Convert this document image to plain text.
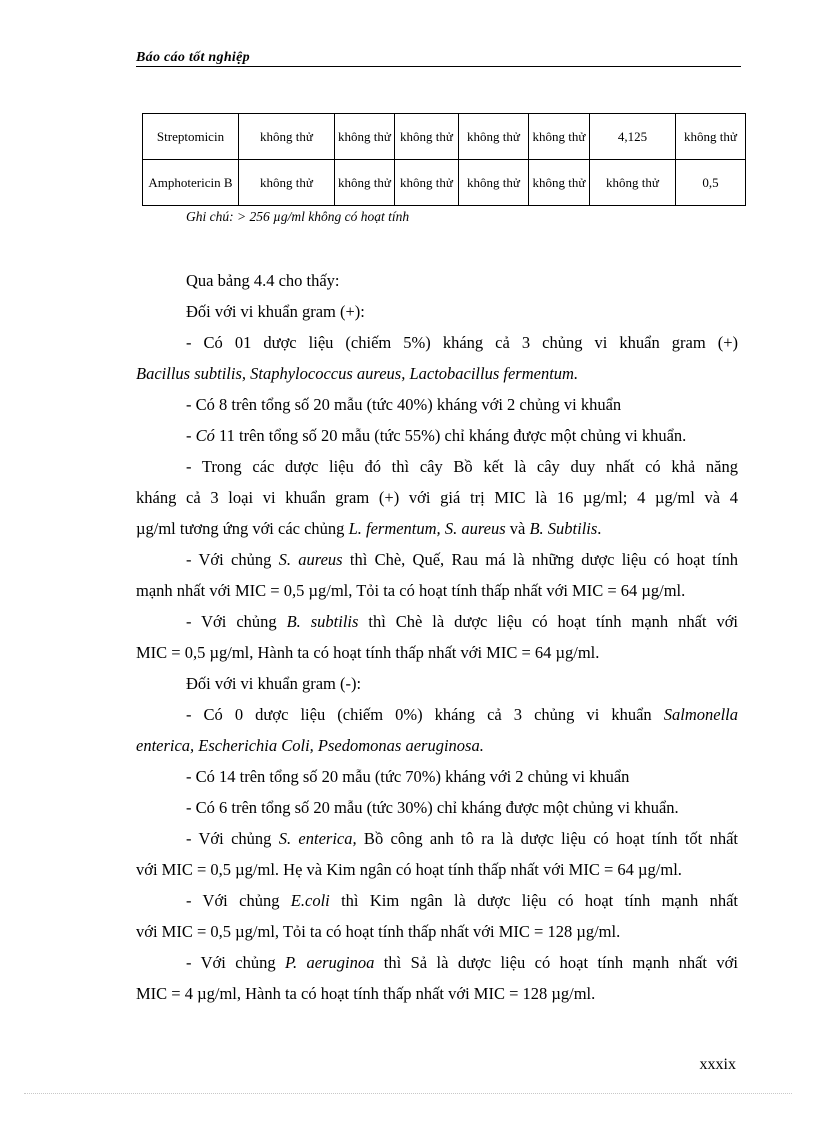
Báo cáo tốt nghiệp
Streptomicin	không thử	không thử	không thử	không thử	không thử	4,125	không thử
Amphotericin B	không thử	không thử	không thử	không thử	không thử	không thử	0,5
Ghi chú: > 256 µg/ml không có hoạt tính

Qua bảng 4.4 cho thấy:

Đối với vi khuẩn gram (+):

- Có 01 dược liệu (chiếm 5%) kháng cả 3 chủng vi khuẩn gram (+)

Bacillus subtilis, Staphylococcus aureus, Lactobacillus fermentum.

- Có 8 trên tổng số 20 mẫu (tức 40%) kháng với 2 chủng vi khuẩn

- Có 11 trên tổng số 20 mẫu (tức 55%) chỉ kháng được một chủng vi khuẩn.

- Trong các dược liệu đó thì cây Bồ kết là cây duy nhất có khả năng

kháng cả 3 loại vi khuẩn gram (+) với giá trị MIC là 16 µg/ml; 4 µg/ml và 4

µg/ml tương ứng với các chủng L. fermentum, S. aureus và B. Subtilis.

- Với chủng S. aureus thì Chè, Quế, Rau má là những dược liệu có hoạt tính

mạnh nhất với MIC = 0,5 µg/ml, Tỏi ta có hoạt tính thấp nhất với MIC = 64 µg/ml.

- Với chủng B. subtilis thì Chè là dược liệu có hoạt tính mạnh nhất với

MIC = 0,5 µg/ml, Hành ta có hoạt tính thấp nhất với MIC = 64 µg/ml.

Đối với vi khuẩn gram (-):

- Có 0 dược liệu (chiếm 0%) kháng cả 3 chủng vi khuẩn Salmonella

enterica, Escherichia Coli, Psedomonas aeruginosa.

- Có 14 trên tổng số 20 mẫu (tức 70%) kháng với 2 chủng vi khuẩn

- Có 6 trên tổng số 20 mẫu (tức 30%) chỉ kháng được một chủng vi khuẩn.

- Với chủng S. enterica, Bồ công anh tô ra là dược liệu có hoạt tính tốt nhất

với MIC = 0,5 µg/ml. Hẹ và Kim ngân có hoạt tính thấp nhất với MIC = 64 µg/ml.

- Với chủng E.coli thì Kim ngân là dược liệu có hoạt tính mạnh nhất

với MIC = 0,5 µg/ml, Tỏi ta có hoạt tính thấp nhất với MIC = 128 µg/ml.

- Với chủng P. aeruginoa thì Sả là dược liệu có hoạt tính mạnh nhất với

MIC = 4 µg/ml, Hành ta có hoạt tính thấp nhất với MIC = 128 µg/ml.

xxxix
